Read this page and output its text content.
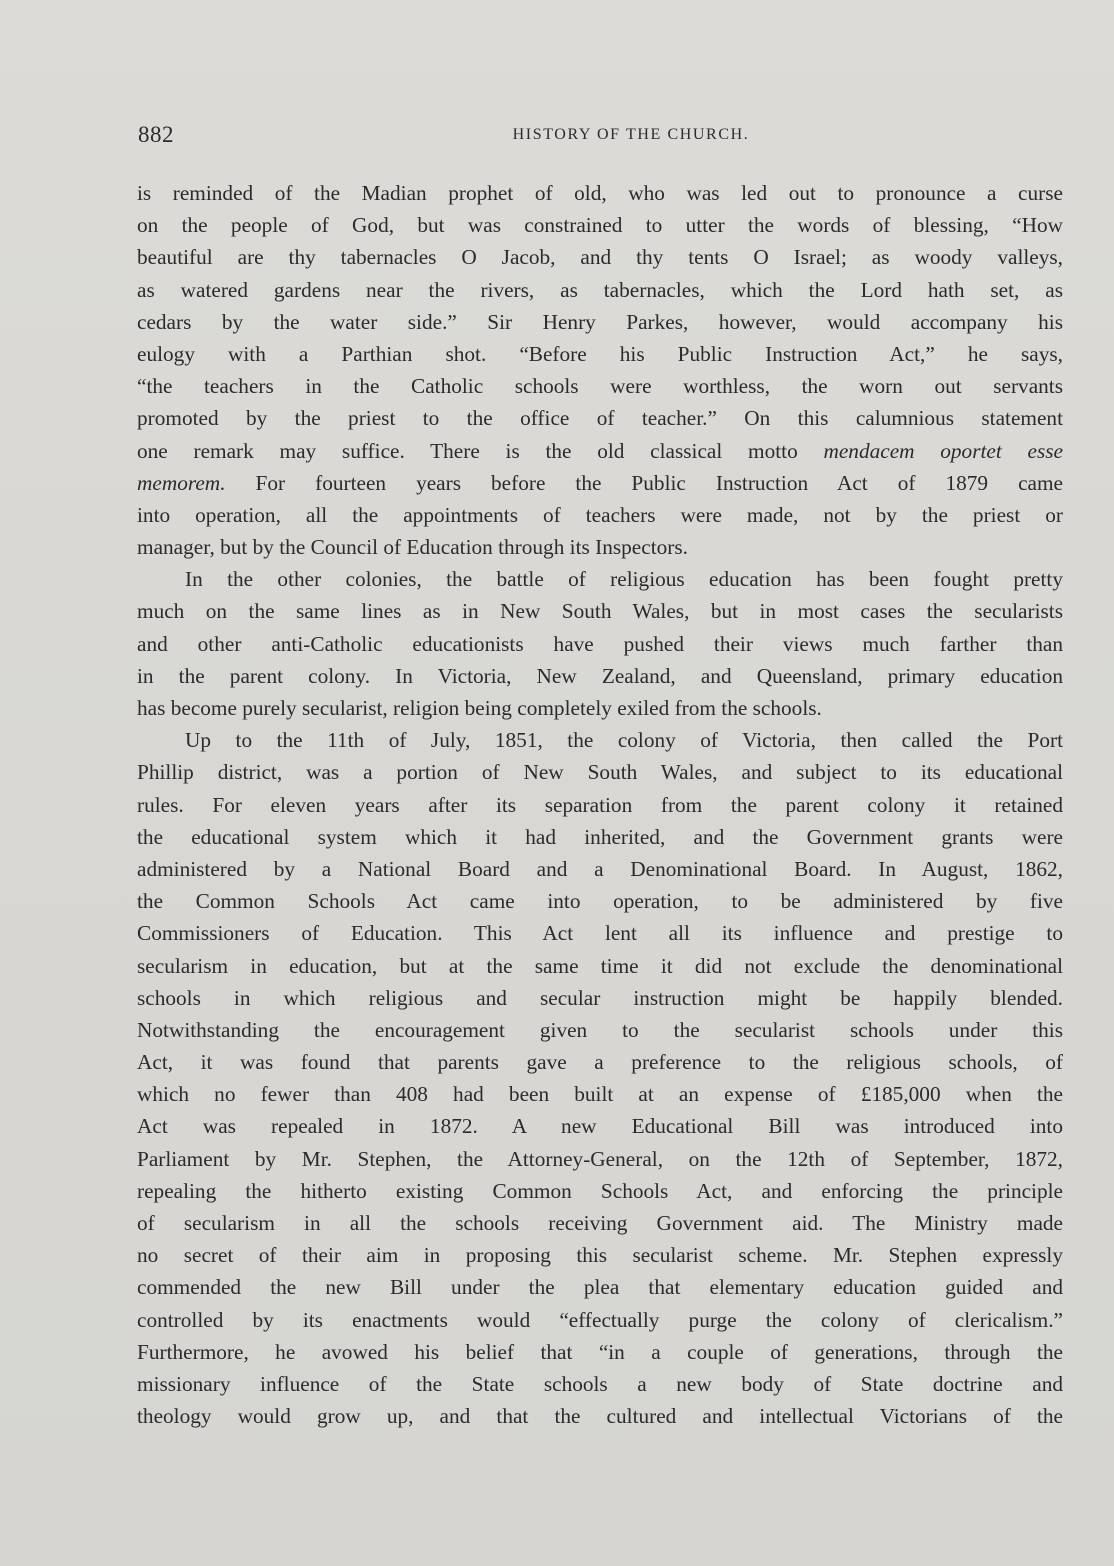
882	HISTORY OF THE CHURCH.
is reminded of the Madian prophet of old, who was led out to pronounce a curse
on the people of God, but was constrained to utter the words of blessing, “How
beautiful are thy tabernacles O Jacob, and thy tents O Israel; as woody valleys,
as watered gardens near the rivers, as tabernacles, which the Lord hath set, as
cedars by the water side.” Sir Henry Parkes, however, would accompany his
eulogy with a Parthian shot. “Before his Public Instruction Act,” he says,
“the teachers in the Catholic schools were worthless, the worn out servants
promoted by the priest to the office of teacher.” On this calumnious statement
one remark may suffice. There is the old classical motto mendacem oportet esse
memorem. For fourteen years before the Public Instruction Act of 1879 came
into operation, all the appointments of teachers were made, not by the priest or
manager, but by the Council of Education through its Inspectors.
In the other colonies, the battle of religious education has been fought pretty
much on the same lines as in New South Wales, but in most cases the secularists
and other anti-Catholic educationists have pushed their views much farther than
in the parent colony. In Victoria, New Zealand, and Queensland, primary education
has become purely secularist, religion being completely exiled from the schools.
Up to the 11th of July, 1851, the colony of Victoria, then called the Port
Phillip district, was a portion of New South Wales, and subject to its educational
rules. For eleven years after its separation from the parent colony it retained
the educational system which it had inherited, and the Government grants were
administered by a National Board and a Denominational Board. In August, 1862,
the Common Schools Act came into operation, to be administered by five
Commissioners of Education. This Act lent all its influence and prestige to
secularism in education, but at the same time it did not exclude the denominational
schools in which religious and secular instruction might be happily blended.
Notwithstanding the encouragement given to the secularist schools under this
Act, it was found that parents gave a preference to the religious schools, of
which no fewer than 408 had been built at an expense of £185,000 when the
Act was repealed in 1872. A new Educational Bill was introduced into
Parliament by Mr. Stephen, the Attorney-General, on the 12th of September, 1872,
repealing the hitherto existing Common Schools Act, and enforcing the principle
of secularism in all the schools receiving Government aid. The Ministry made
no secret of their aim in proposing this secularist scheme. Mr. Stephen expressly
commended the new Bill under the plea that elementary education guided and
controlled by its enactments would “effectually purge the colony of clericalism.”
Furthermore, he avowed his belief that “in a couple of generations, through the
missionary influence of the State schools a new body of State doctrine and
theology would grow up, and that the cultured and intellectual Victorians of the
